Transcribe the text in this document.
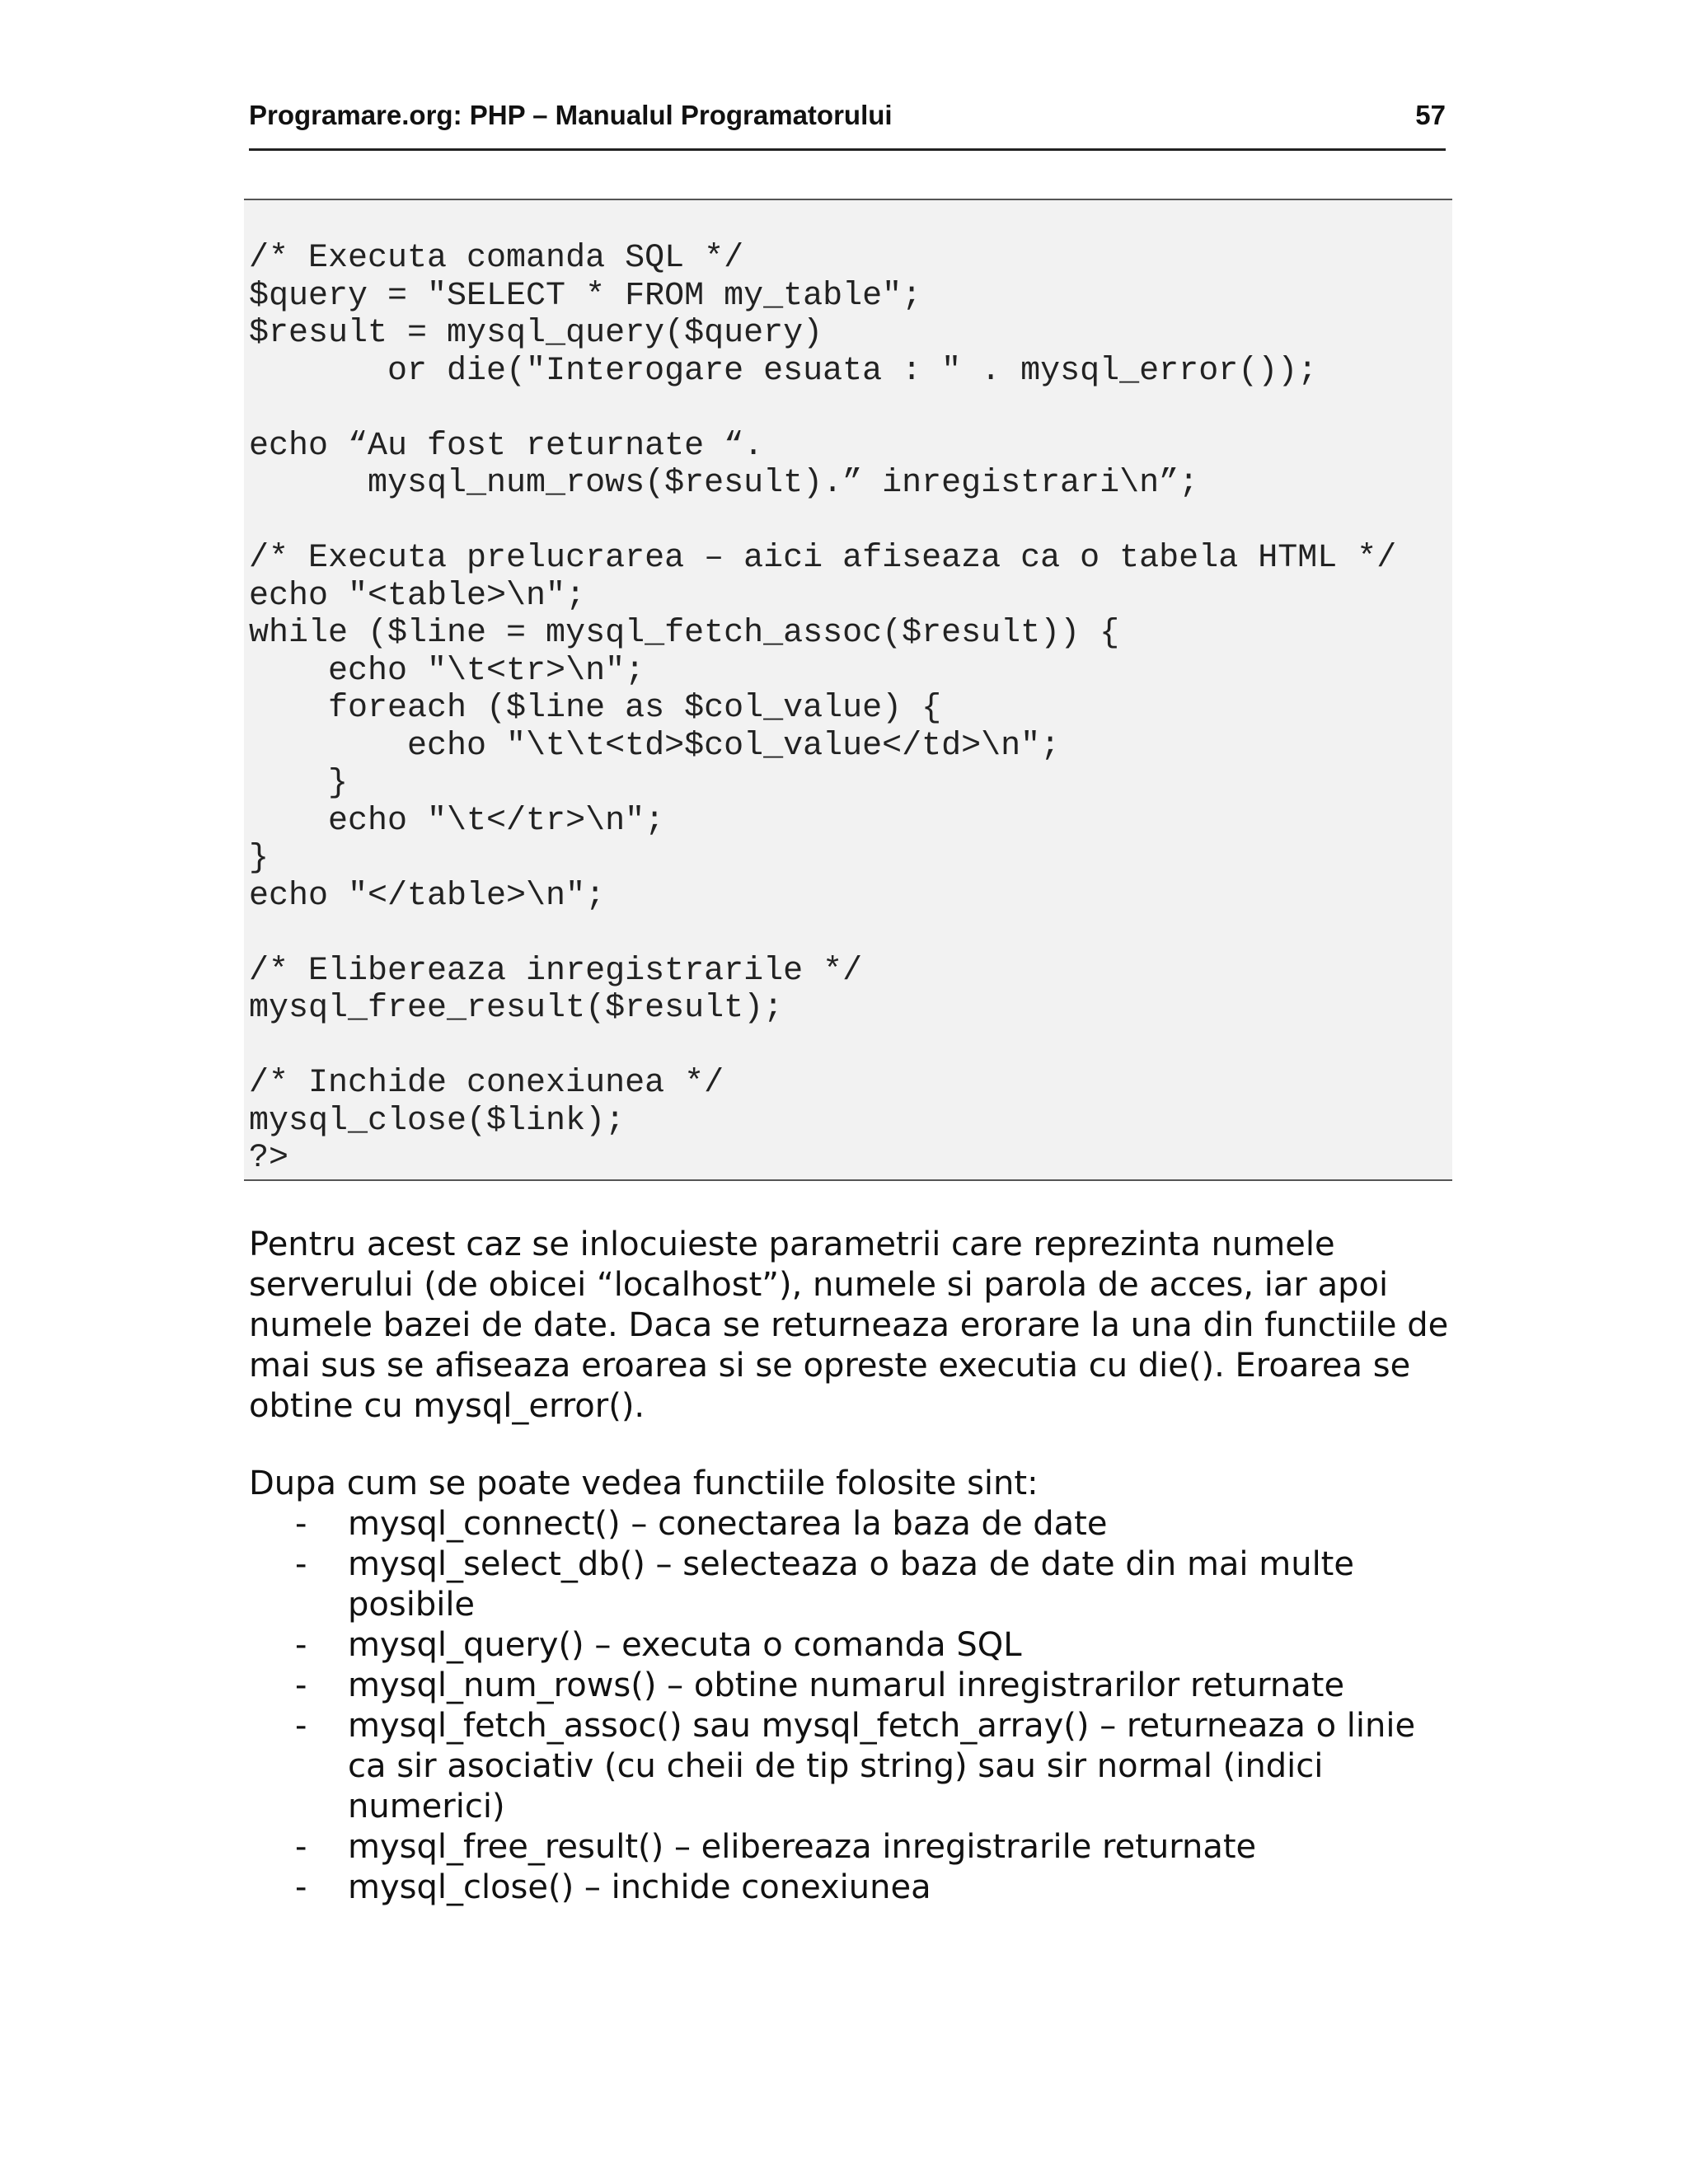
Programare.org: PHP – Manualul Programatorului	57
/* Executa comanda SQL */
$query = "SELECT * FROM my_table";
$result = mysql_query($query)
or die("Interogare esuata : " . mysql_error());

echo “Au fost returnate “.
mysql_num_rows($result).” inregistrari\n”;

/* Executa prelucrarea – aici afiseaza ca o tabela HTML */
echo "<table>\n";
while ($line = mysql_fetch_assoc($result)) {
echo "\t<tr>\n";
foreach ($line as $col_value) {
echo "\t\t<td>$col_value</td>\n";
}
echo "\t</tr>\n";
}
echo "</table>\n";

/* Elibereaza inregistrarile */
mysql_free_result($result);

/* Inchide conexiunea */
mysql_close($link);
?>

Pentru acest caz se inlocuieste parametrii care reprezinta numele serverului (de obicei “localhost”), numele si parola de acces, iar apoi numele bazei de date. Daca se returneaza erorare la una din functiile de mai sus se afiseaza eroarea si se opreste executia cu die(). Eroarea se obtine cu mysql_error().

Dupa cum se poate vedea functiile folosite sint:

- mysql_connect() – conectarea la baza de date
- mysql_select_db() – selecteaza o baza de date din mai multe posibile
- mysql_query() – executa o comanda SQL
- mysql_num_rows() – obtine numarul inregistrarilor returnate
- mysql_fetch_assoc() sau mysql_fetch_array() – returneaza o linie ca sir asociativ (cu cheii de tip string) sau sir normal (indici numerici)
- mysql_free_result() – elibereaza inregistrarile returnate
- mysql_close() – inchide conexiunea
